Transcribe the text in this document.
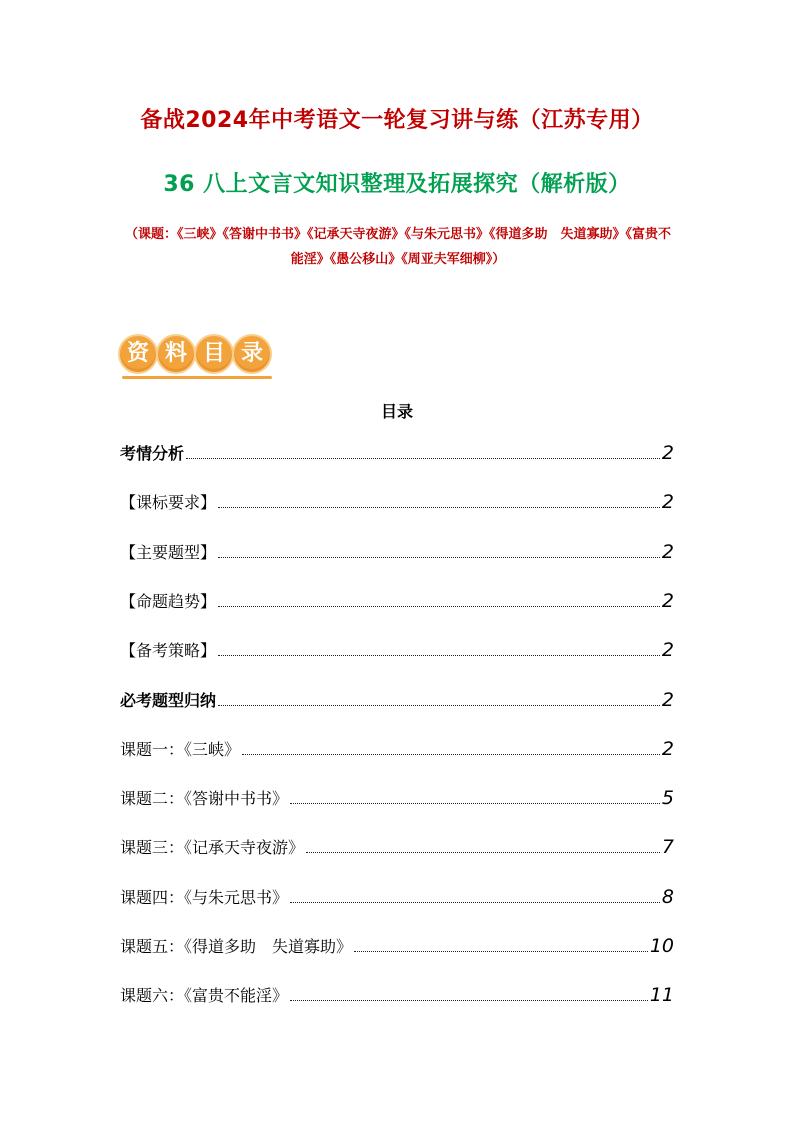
备战2024年中考语文一轮复习讲与练（江苏专用）
36 八上文言文知识整理及拓展探究（解析版）
（课题：《三峡》《答谢中书书》《记承天寺夜游》《与朱元思书》《得道多助　失道寡助》《富贵不能淫》《愚公移山》《周亚夫军细柳》）
资 料 目 录
目录
考情分析	2
【课标要求】	2
【主要题型】	2
【命题趋势】	2
【备考策略】	2
必考题型归纳	2
课题一：《三峡》	2
课题二：《答谢中书书》	5
课题三：《记承天寺夜游》	7
课题四：《与朱元思书》	8
课题五：《得道多助　失道寡助》	10
课题六：《富贵不能淫》	11
